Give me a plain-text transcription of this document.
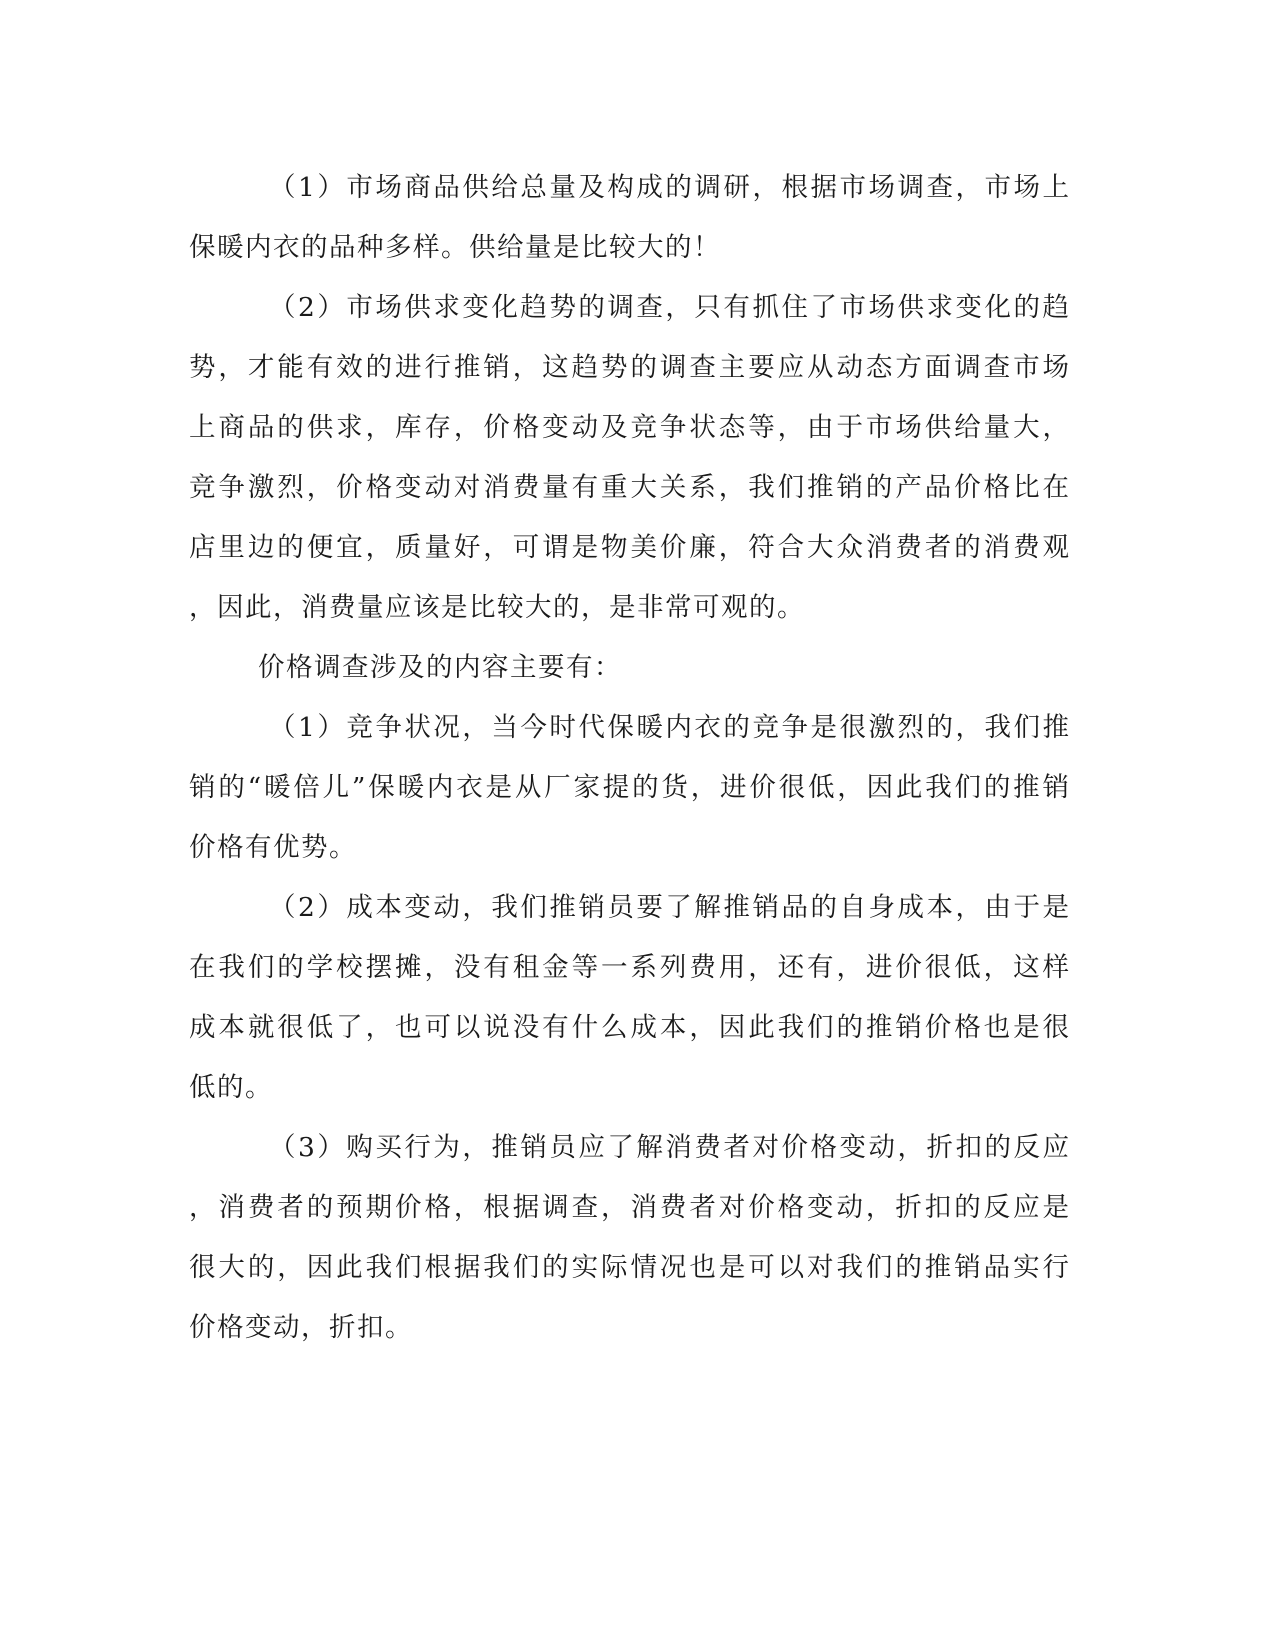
（1）市场商品供给总量及构成的调研，根据市场调查，市场上
保暖内衣的品种多样。供给量是比较大的！
（2）市场供求变化趋势的调查，只有抓住了市场供求变化的趋
势，才能有效的进行推销，这趋势的调查主要应从动态方面调查市场
上商品的供求，库存，价格变动及竞争状态等，由于市场供给量大，
竞争激烈，价格变动对消费量有重大关系，我们推销的产品价格比在
店里边的便宜，质量好，可谓是物美价廉，符合大众消费者的消费观
，因此，消费量应该是比较大的，是非常可观的。
价格调查涉及的内容主要有：
（1）竞争状况，当今时代保暖内衣的竞争是很激烈的，我们推
销的“暖倍儿”保暖内衣是从厂家提的货，进价很低，因此我们的推销
价格有优势。
（2）成本变动，我们推销员要了解推销品的自身成本，由于是
在我们的学校摆摊，没有租金等一系列费用，还有，进价很低，这样
成本就很低了，也可以说没有什么成本，因此我们的推销价格也是很
低的。
（3）购买行为，推销员应了解消费者对价格变动，折扣的反应
，消费者的预期价格，根据调查，消费者对价格变动，折扣的反应是
很大的，因此我们根据我们的实际情况也是可以对我们的推销品实行
价格变动，折扣。
